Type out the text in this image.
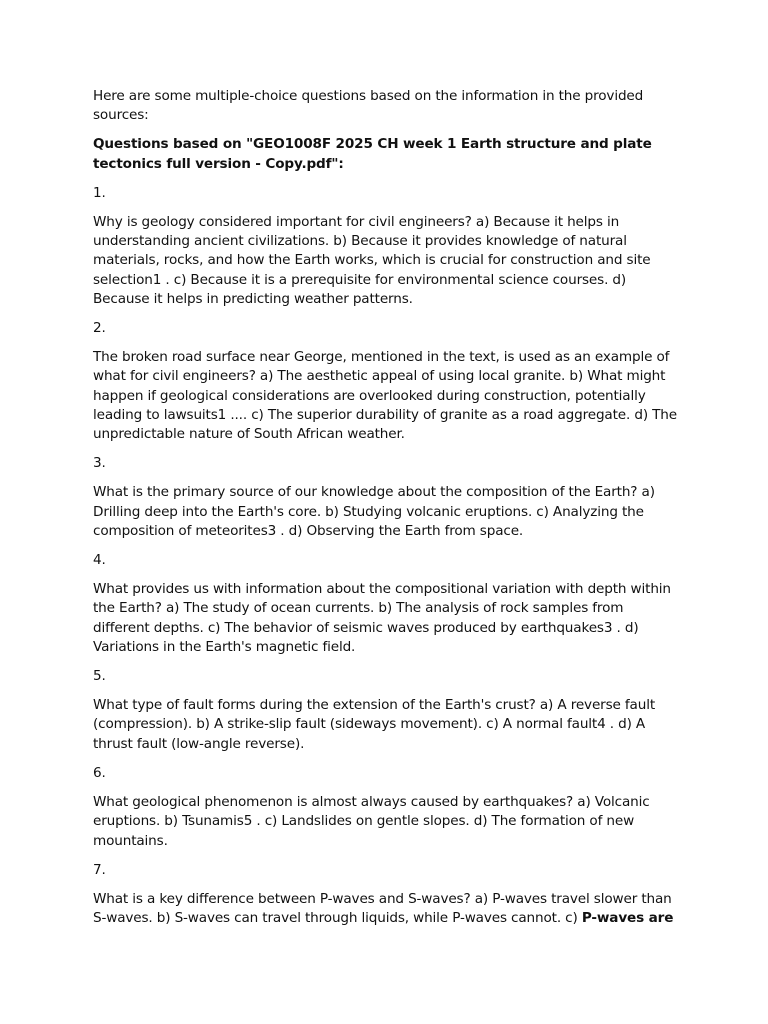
Here are some multiple-choice questions based on the information in the provided sources:

Questions based on "GEO1008F 2025 CH week 1 Earth structure and plate tectonics full version - Copy.pdf":

1.

Why is geology considered important for civil engineers? a) Because it helps in understanding ancient civilizations. b) Because it provides knowledge of natural materials, rocks, and how the Earth works, which is crucial for construction and site selection1 . c) Because it is a prerequisite for environmental science courses. d) Because it helps in predicting weather patterns.

2.

The broken road surface near George, mentioned in the text, is used as an example of what for civil engineers? a) The aesthetic appeal of using local granite. b) What might happen if geological considerations are overlooked during construction, potentially leading to lawsuits1 .... c) The superior durability of granite as a road aggregate. d) The unpredictable nature of South African weather.

3.

What is the primary source of our knowledge about the composition of the Earth? a) Drilling deep into the Earth's core. b) Studying volcanic eruptions. c) Analyzing the composition of meteorites3 . d) Observing the Earth from space.

4.

What provides us with information about the compositional variation with depth within the Earth? a) The study of ocean currents. b) The analysis of rock samples from different depths. c) The behavior of seismic waves produced by earthquakes3 . d) Variations in the Earth's magnetic field.

5.

What type of fault forms during the extension of the Earth's crust? a) A reverse fault (compression). b) A strike-slip fault (sideways movement). c) A normal fault4 . d) A thrust fault (low-angle reverse).

6.

What geological phenomenon is almost always caused by earthquakes? a) Volcanic eruptions. b) Tsunamis5 . c) Landslides on gentle slopes. d) The formation of new mountains.

7.

What is a key difference between P-waves and S-waves? a) P-waves travel slower than S-waves. b) S-waves can travel through liquids, while P-waves cannot. c) P-waves are
